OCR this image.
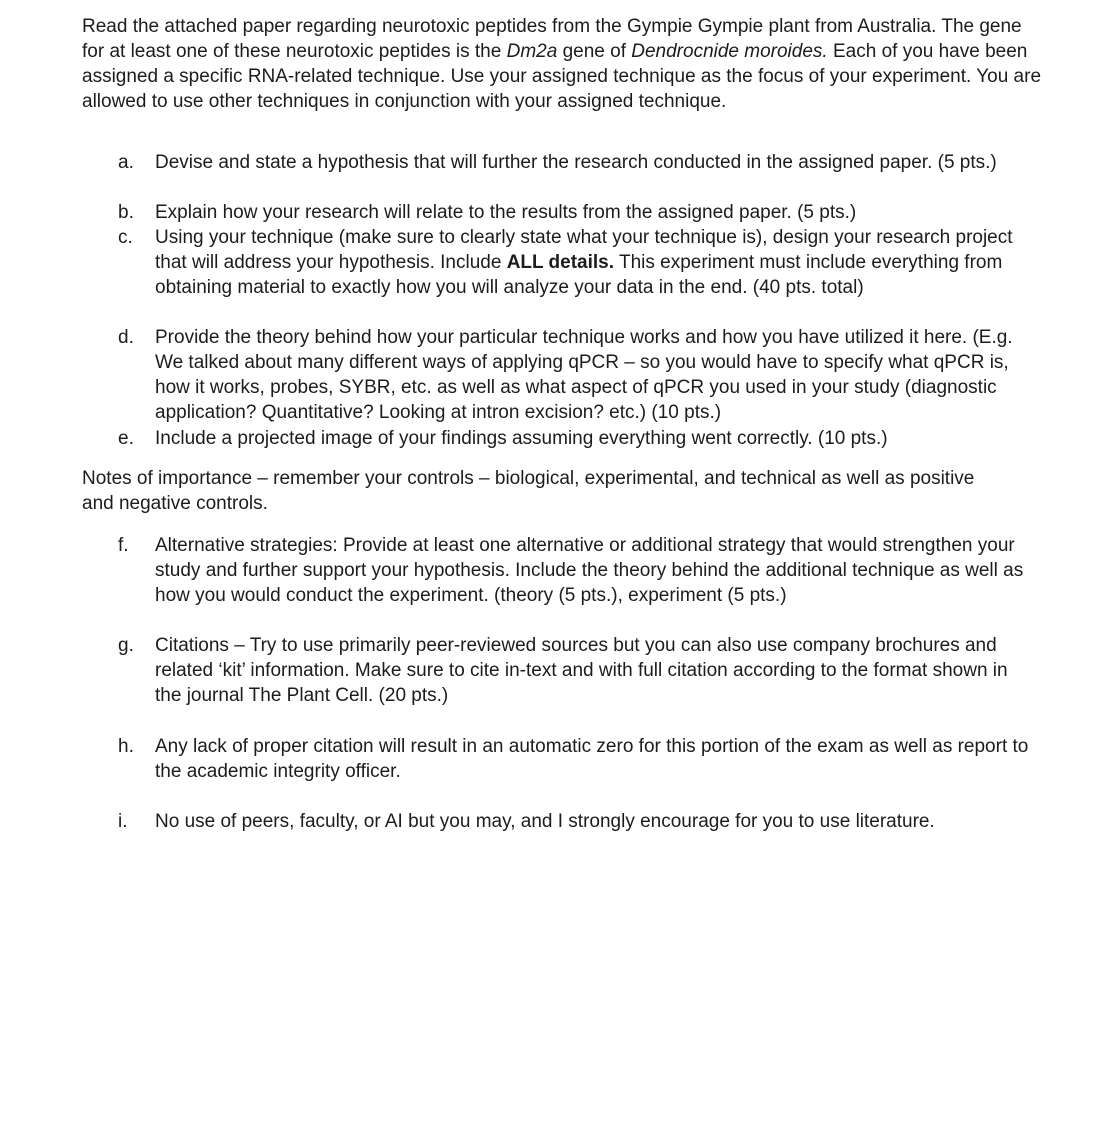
Read the attached paper regarding neurotoxic peptides from the Gympie Gympie plant from Australia. The gene for at least one of these neurotoxic peptides is the Dm2a gene of Dendrocnide moroides. Each of you have been assigned a specific RNA-related technique. Use your assigned technique as the focus of your experiment. You are allowed to use other techniques in conjunction with your assigned technique.

a. Devise and state a hypothesis that will further the research conducted in the assigned paper. (5 pts.)

b. Explain how your research will relate to the results from the assigned paper. (5 pts.)

c. Using your technique (make sure to clearly state what your technique is), design your research project that will address your hypothesis. Include ALL details. This experiment must include everything from obtaining material to exactly how you will analyze your data in the end. (40 pts. total)

d. Provide the theory behind how your particular technique works and how you have utilized it here. (E.g. We talked about many different ways of applying qPCR – so you would have to specify what qPCR is, how it works, probes, SYBR, etc. as well as what aspect of qPCR you used in your study (diagnostic application? Quantitative? Looking at intron excision? etc.) (10 pts.)

e. Include a projected image of your findings assuming everything went correctly. (10 pts.)

Notes of importance – remember your controls – biological, experimental, and technical as well as positive and negative controls.

f. Alternative strategies: Provide at least one alternative or additional strategy that would strengthen your study and further support your hypothesis. Include the theory behind the additional technique as well as how you would conduct the experiment. (theory (5 pts.), experiment (5 pts.)

g. Citations – Try to use primarily peer-reviewed sources but you can also use company brochures and related ‘kit’ information. Make sure to cite in-text and with full citation according to the format shown in the journal The Plant Cell. (20 pts.)

h. Any lack of proper citation will result in an automatic zero for this portion of the exam as well as report to the academic integrity officer.

i. No use of peers, faculty, or AI but you may, and I strongly encourage for you to use literature.
